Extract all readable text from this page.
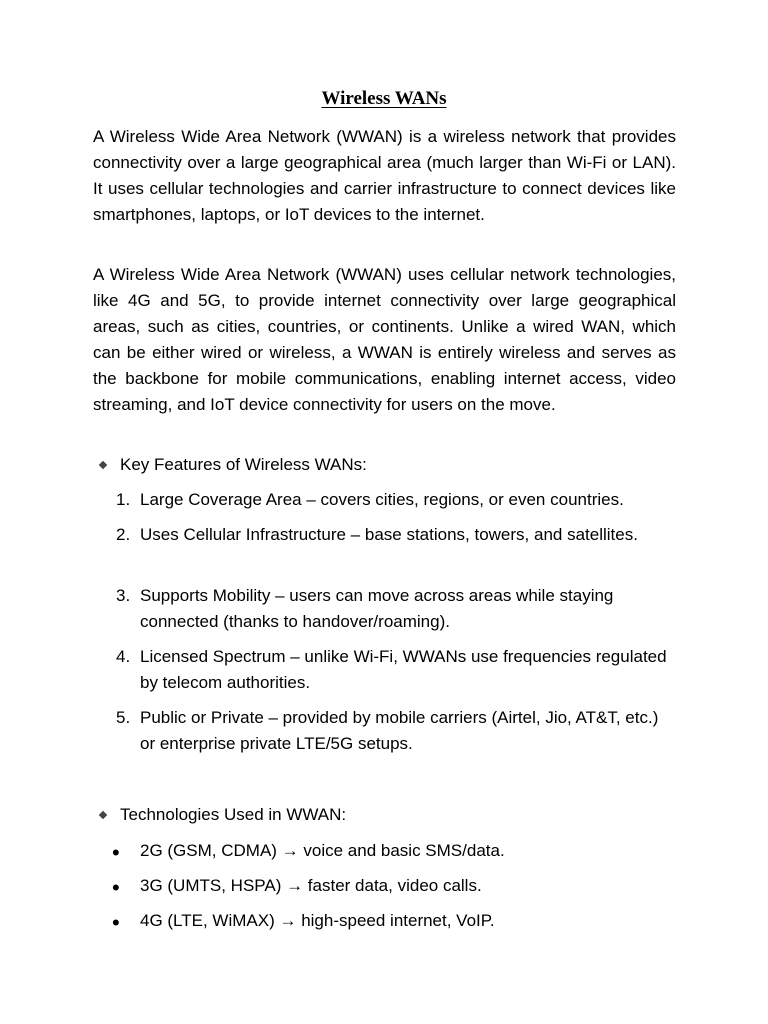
Wireless WANs

A Wireless Wide Area Network (WWAN) is a wireless network that provides connectivity over a large geographical area (much larger than Wi-Fi or LAN). It uses cellular technologies and carrier infrastructure to connect devices like smartphones, laptops, or IoT devices to the internet.

A Wireless Wide Area Network (WWAN) uses cellular network technologies, like 4G and 5G, to provide internet connectivity over large geographical areas, such as cities, countries, or continents. Unlike a wired WAN, which can be either wired or wireless, a WWAN is entirely wireless and serves as the backbone for mobile communications, enabling internet access, video streaming, and IoT device connectivity for users on the move.

Key Features of Wireless WANs:
1. Large Coverage Area – covers cities, regions, or even countries.
2. Uses Cellular Infrastructure – base stations, towers, and satellites.
3. Supports Mobility – users can move across areas while staying connected (thanks to handover/roaming).
4. Licensed Spectrum – unlike Wi-Fi, WWANs use frequencies regulated by telecom authorities.
5. Public or Private – provided by mobile carriers (Airtel, Jio, AT&T, etc.) or enterprise private LTE/5G setups.
Technologies Used in WWAN:
•	2G (GSM, CDMA) → voice and basic SMS/data.
•	3G (UMTS, HSPA) → faster data, video calls.
•	4G (LTE, WiMAX) → high-speed internet, VoIP.
